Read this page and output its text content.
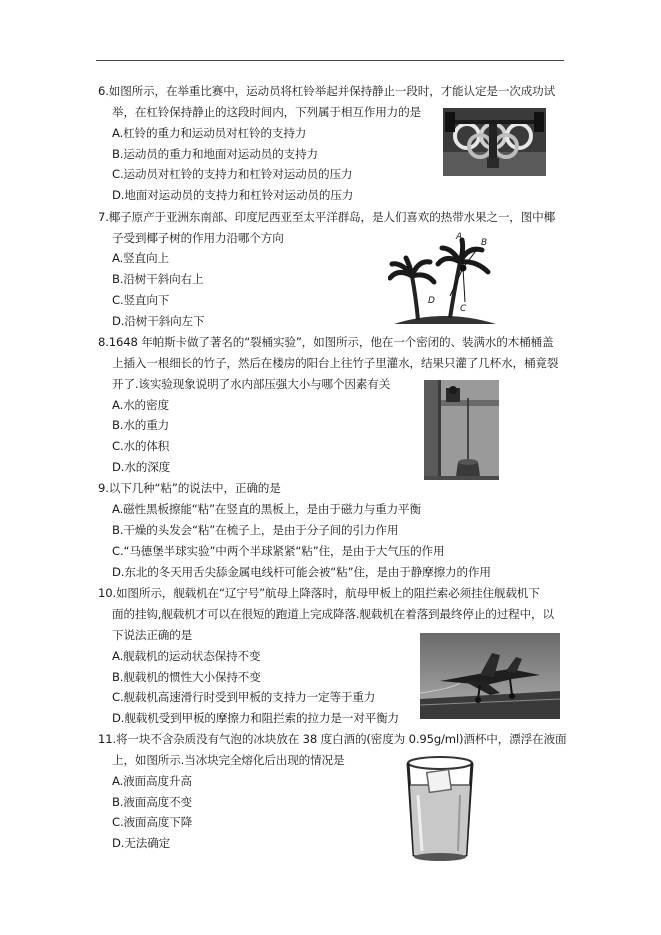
6.如图所示，在举重比赛中，运动员将杠铃举起并保持静止一段时，才能认定是一次成功试
举，在杠铃保持静止的这段时间内，下列属于相互作用力的是
A.杠铃的重力和运动员对杠铃的支持力
B.运动员的重力和地面对运动员的支持力
C.运动员对杠铃的支持力和杠铃对运动员的压力
D.地面对运动员的支持力和杠铃对运动员的压力
7.椰子原产于亚洲东南部、印度尼西亚至太平洋群岛，是人们喜欢的热带水果之一，图中椰
子受到椰子树的作用力沿哪个方向
A.竖直向上
B.沿树干斜向右上
C.竖直向下
D.沿树干斜向左下
A
B
C
D
8.1648 年帕斯卡做了著名的“裂桶实验”，如图所示，他在一个密闭的、装满水的木桶桶盖
上插入一根细长的竹子，然后在楼房的阳台上往竹子里灌水，结果只灌了几杯水，桶竟裂
开了.该实验现象说明了水内部压强大小与哪个因素有关
A.水的密度
B.水的重力
C.水的体积
D.水的深度
9.以下几种“粘”的说法中，正确的是
A.磁性黑板擦能“粘”在竖直的黑板上，是由于磁力与重力平衡
B.干燥的头发会“粘”在梳子上，是由于分子间的引力作用
C.“马德堡半球实验”中两个半球紧紧“粘”住，是由于大气压的作用
D.东北的冬天用舌尖舔金属电线杆可能会被“粘”住，是由于静摩擦力的作用
10.如图所示，舰载机在“辽宁号”航母上降落时，航母甲板上的阻拦索必须挂住舰载机下
面的挂钩,舰载机才可以在很短的跑道上完成降落.舰载机在着落到最终停止的过程中，以
下说法正确的是
A.舰载机的运动状态保持不变
B.舰载机的惯性大小保持不变
C.舰载机高速滑行时受到甲板的支持力一定等于重力
D.舰载机受到甲板的摩擦力和阻拦索的拉力是一对平衡力
11.将一块不含杂质没有气泡的冰块放在 38 度白酒的(密度为 0.95g/ml)酒杯中，漂浮在液面
上，如图所示.当冰块完全熔化后出现的情况是
A.液面高度升高
B.液面高度不变
C.液面高度下降
D.无法确定
